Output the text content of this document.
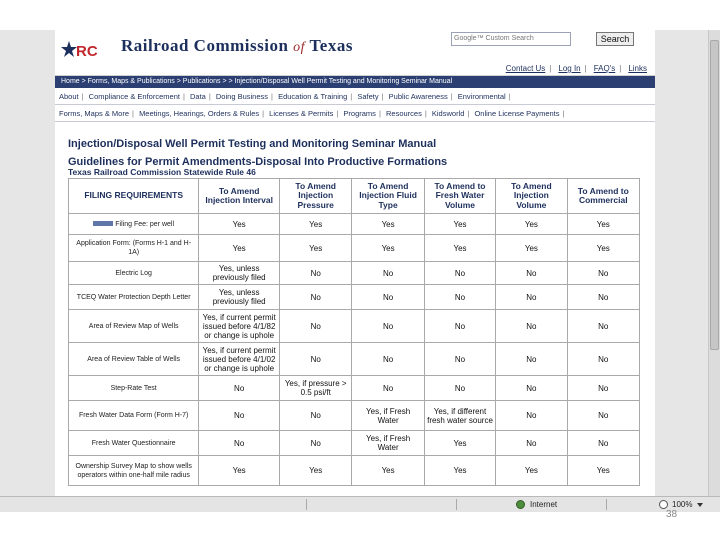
RC Railroad Commission of Texas	Google™ Custom Search	Search
Contact Us | Log In | FAQ's | Links
Home > Forms, Maps & Publications > Publications > > Injection/Disposal Well Permit Testing and Monitoring Seminar Manual
About | Compliance & Enforcement | Data | Doing Business | Education & Training | Safety | Public Awareness | Environmental |
Forms, Maps & More | Meetings, Hearings, Orders & Rules | Licenses & Permits | Programs | Resources | Kidsworld | Online License Payments |
Injection/Disposal Well Permit Testing and Monitoring Seminar Manual
Guidelines for Permit Amendments-Disposal Into Productive Formations
Texas Railroad Commission Statewide Rule 46
FILING REQUIREMENTS	To Amend Injection Interval	To Amend Injection Pressure	To Amend Injection Fluid Type	To Amend to Fresh Water Volume	To Amend Injection Volume	To Amend to Commercial
Filing Fee: per well	Yes	Yes	Yes	Yes	Yes	Yes
Application Form: (Forms H-1 and H-1A)	Yes	Yes	Yes	Yes	Yes	Yes
Electric Log	Yes, unless previously filed	No	No	No	No	No
TCEQ Water Protection Depth Letter	Yes, unless previously filed	No	No	No	No	No
Area of Review Map of Wells	Yes, if current permit issued before 4/1/82 or change is uphole	No	No	No	No	No
Area of Review Table of Wells	Yes, if current permit issued before 4/1/02 or change is uphole	No	No	No	No	No
Step-Rate Test	No	Yes, if pressure > 0.5 psi/ft	No	No	No	No
Fresh Water Data Form (Form H-7)	No	No	Yes, if Fresh Water	Yes, if different fresh water source	No	No
Fresh Water Questionnaire	No	No	Yes, if Fresh Water	Yes	No	No
Ownership Survey Map to show wells operators within one-half mile radius	Yes	Yes	Yes	Yes	Yes	Yes
Internet	100%
38
